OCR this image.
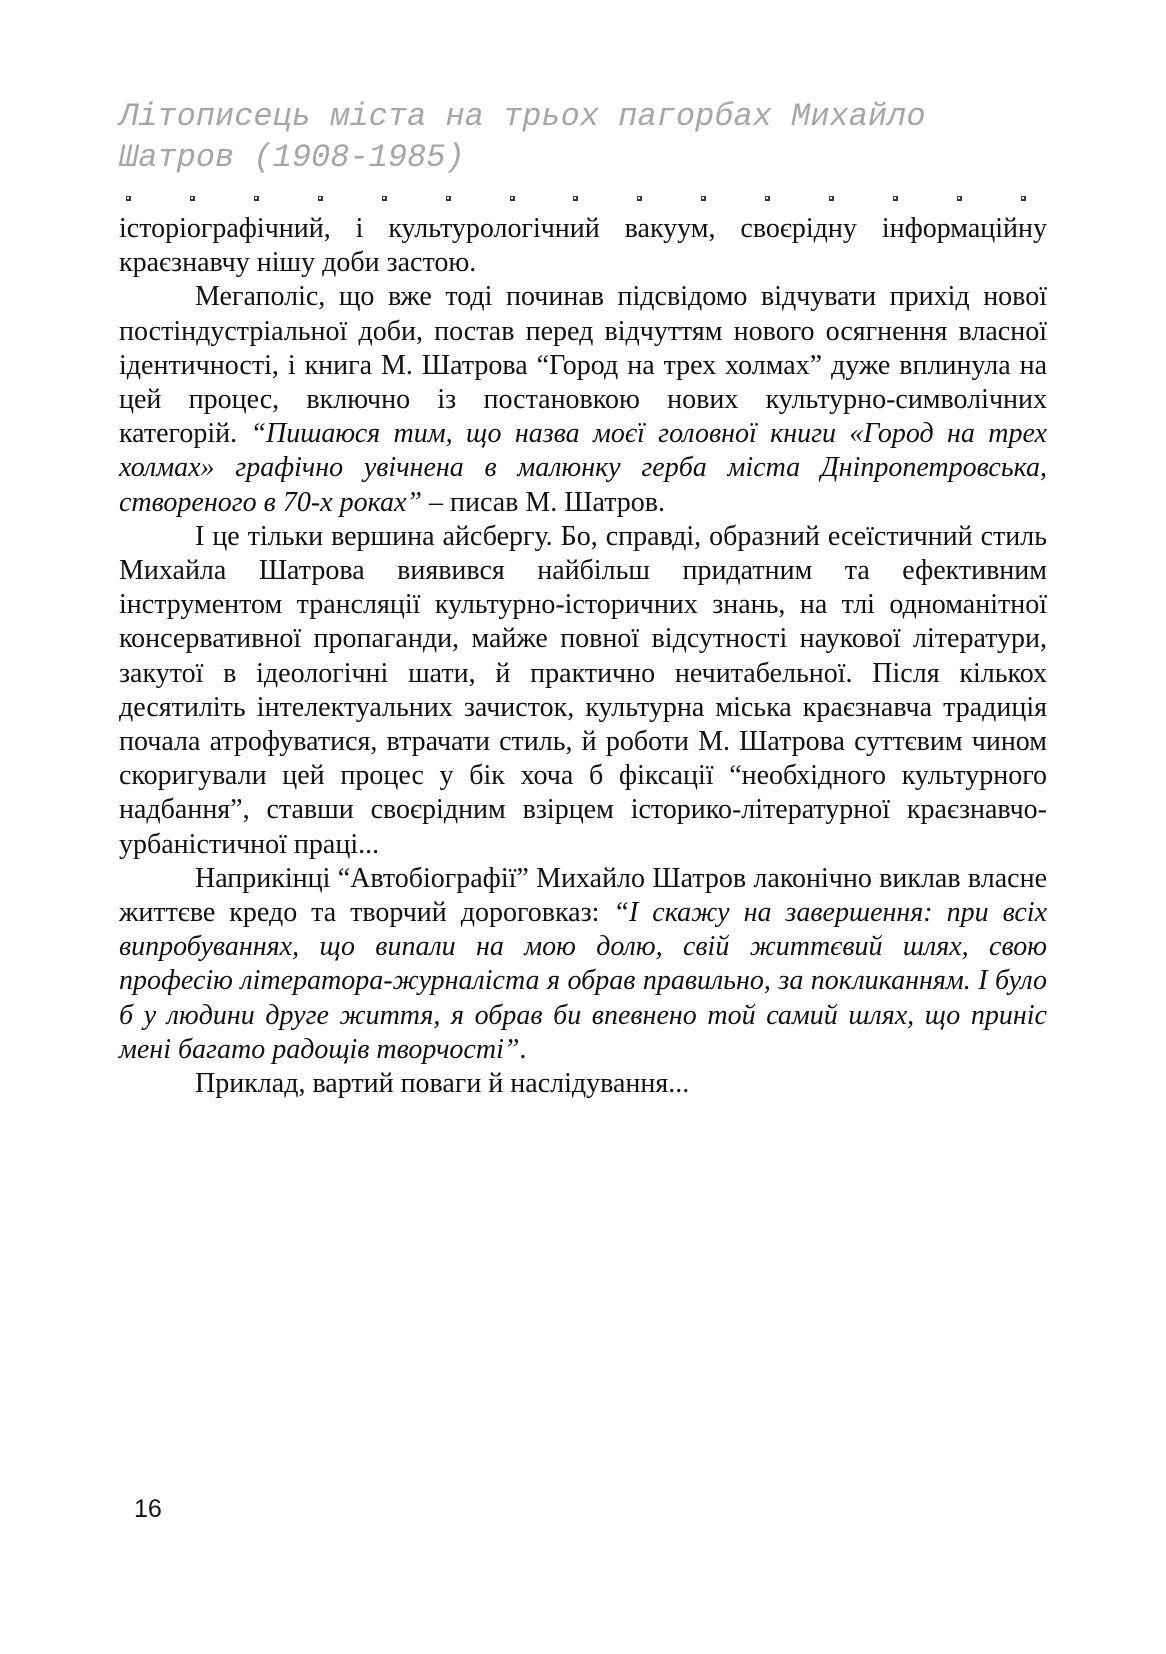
Літописець міста на трьох пагорбах Михайло Шатров (1908-1985)

історіографічний, і культурологічний вакуум, своєрідну інформаційну краєзнавчу нішу доби застою.

Мегаполіс, що вже тоді починав підсвідомо відчувати прихід нової постіндустріальної доби, постав перед відчуттям нового осягнення власної ідентичності, і книга М. Шатрова “Город на трех холмах” дуже вплинула на цей процес, включно із постановкою нових культурно-символічних категорій. “Пишаюся тим, що назва моєї головної книги «Город на трех холмах» графічно увічнена в малюнку герба міста Дніпропетровська, створеного в 70-х роках” – писав М. Шатров.

І це тільки вершина айсбергу. Бо, справді, образний есеїстичний стиль Михайла Шатрова виявився найбільш придатним та ефективним інструментом трансляції культурно-історичних знань, на тлі одноманітної консервативної пропаганди, майже повної відсутності наукової літератури, закутої в ідеологічні шати, й практично нечитабельної. Після кількох десятиліть інтелектуальних зачисток, культурна міська краєзнавча традиція почала атрофуватися, втрачати стиль, й роботи М. Шатрова суттєвим чином скоригували цей процес у бік хоча б фіксації “необхідного культурного надбання”, ставши своєрідним взірцем історико-літературної краєзнавчо-урбаністичної праці...

Наприкінці “Автобіографії” Михайло Шатров лаконічно виклав власне життєве кредо та творчий дороговказ: “І скажу на завершення: при всіх випробуваннях, що випали на мою долю, свій життєвий шлях, свою професію літератора-журналіста я обрав правильно, за покликанням. І було б у людини друге життя, я обрав би впевнено той самий шлях, що приніс мені багато радощів творчості”.

Приклад, вартий поваги й наслідування...

16
